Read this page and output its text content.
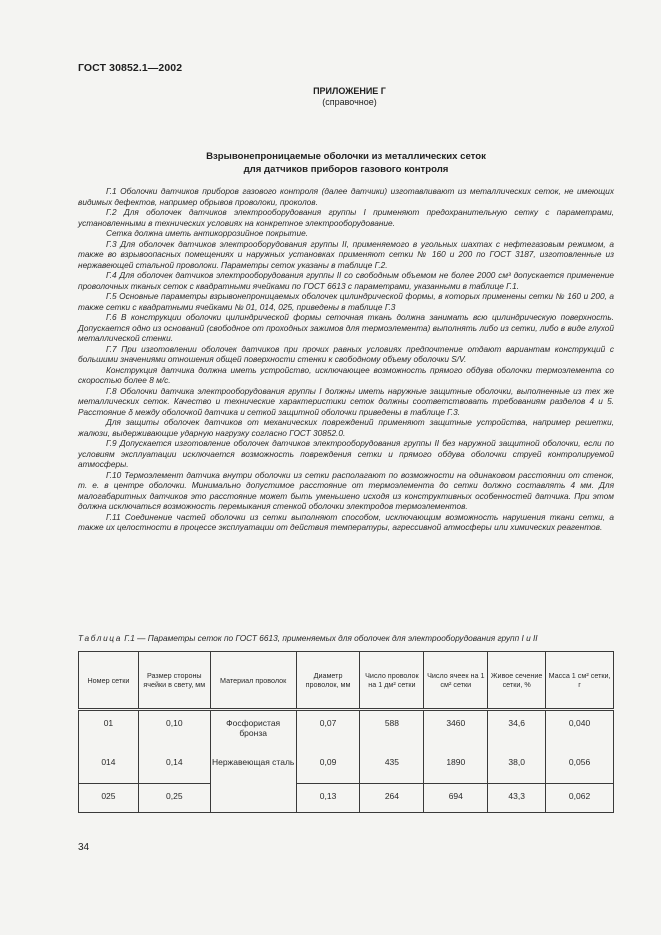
ГОСТ 30852.1—2002
ПРИЛОЖЕНИЕ Г
(справочное)
Взрывонепроницаемые оболочки из металлических сеток
для датчиков приборов газового контроля

Г.1 Оболочки датчиков приборов газового контроля (далее датчики) изготавливают из металлических сеток, не имеющих видимых дефектов, например обрывов проволоки, проколов.

Г.2 Для оболочек датчиков электрооборудования группы I применяют предохранительную сетку с параметрами, установленными в технических условиях на конкретное электрооборудование.

Сетка должна иметь антикоррозийное покрытие.

Г.3 Для оболочек датчиков электрооборудования группы II, применяемого в угольных шахтах с нефтегазовым режимом, а также во взрывоопасных помещениях и наружных установках применяют сетки № 160 и 200 по ГОСТ 3187, изготовленные из нержавеющей стальной проволоки. Параметры сеток указаны в таблице Г.2.

Г.4 Для оболочек датчиков электрооборудования группы II со свободным объемом не более 2000 см³ допускается применение проволочных тканых сеток с квадратными ячейками по ГОСТ 6613 с параметрами, указанными в таблице Г.1.

Г.5 Основные параметры взрывонепроницаемых оболочек цилиндрической формы, в которых применены сетки № 160 и 200, а также сетки с квадратными ячейками № 01, 014, 025, приведены в таблице Г.3

Г.6 В конструкции оболочки цилиндрической формы сеточная ткань должна занимать всю цилиндрическую поверхность. Допускается одно из оснований (свободное от проходных зажимов для термоэлемента) выполнять либо из сетки, либо в виде глухой металлической стенки.

Г.7 При изготовлении оболочек датчиков при прочих равных условиях предпочтение отдают вариантам конструкций с большими значениями отношения общей поверхности стенки к свободному объему оболочки S/V.

Конструкция датчика должна иметь устройство, исключающее возможность прямого обдува оболочки термоэлемента со скоростью более 8 м/с.

Г.8 Оболочки датчика электрооборудования группы I должны иметь наружные защитные оболочки, выполненные из тех же металлических сеток. Качество и технические характеристики сеток должны соответствовать требованиям разделов 4 и 5. Расстояние δ между оболочкой датчика и сеткой защитной оболочки приведены в таблице Г.3.

Для защиты оболочек датчиков от механических повреждений применяют защитные устройства, например решетки, жалюзи, выдерживающие ударную нагрузку согласно ГОСТ 30852.0.

Г.9 Допускается изготовление оболочек датчиков электрооборудования группы II без наружной защитной оболочки, если по условиям эксплуатации исключается возможность повреждения сетки и прямого обдува оболочки струей контролируемой атмосферы.

Г.10 Термоэлемент датчика внутри оболочки из сетки располагают по возможности на одинаковом расстоянии от стенок, т. е. в центре оболочки. Минимально допустимое расстояние от термоэлемента до сетки должно составлять 4 мм. Для малогабаритных датчиков это расстояние может быть уменьшено исходя из конструктивных особенностей датчика. При этом должна исключаться возможность перемыкания стенкой оболочки электродов термоэлементов.

Г.11 Соединение частей оболочки из сетки выполняют способом, исключающим возможность нарушения ткани сетки, а также их целостности в процессе эксплуатации от действия температуры, агрессивной атмосферы или химических реагентов.

Таблица Г.1 — Параметры сеток по ГОСТ 6613, применяемых для оболочек для электрооборудования групп I и II
Номер сетки	Размер стороны ячейки в свету, мм	Материал проволок	Диаметр проволок, мм	Число проволок на 1 дм² сетки	Число ячеек на 1 см² сетки	Живое сечение сетки, %	Масса 1 см² сетки, г
01	0,10	Фосфористая бронза	0,07	588	3460	34,6	0,040
014	0,14	Нержавеющая сталь	0,09	435	1890	38,0	0,056
025	0,25		0,13	264	694	43,3	0,062
34
